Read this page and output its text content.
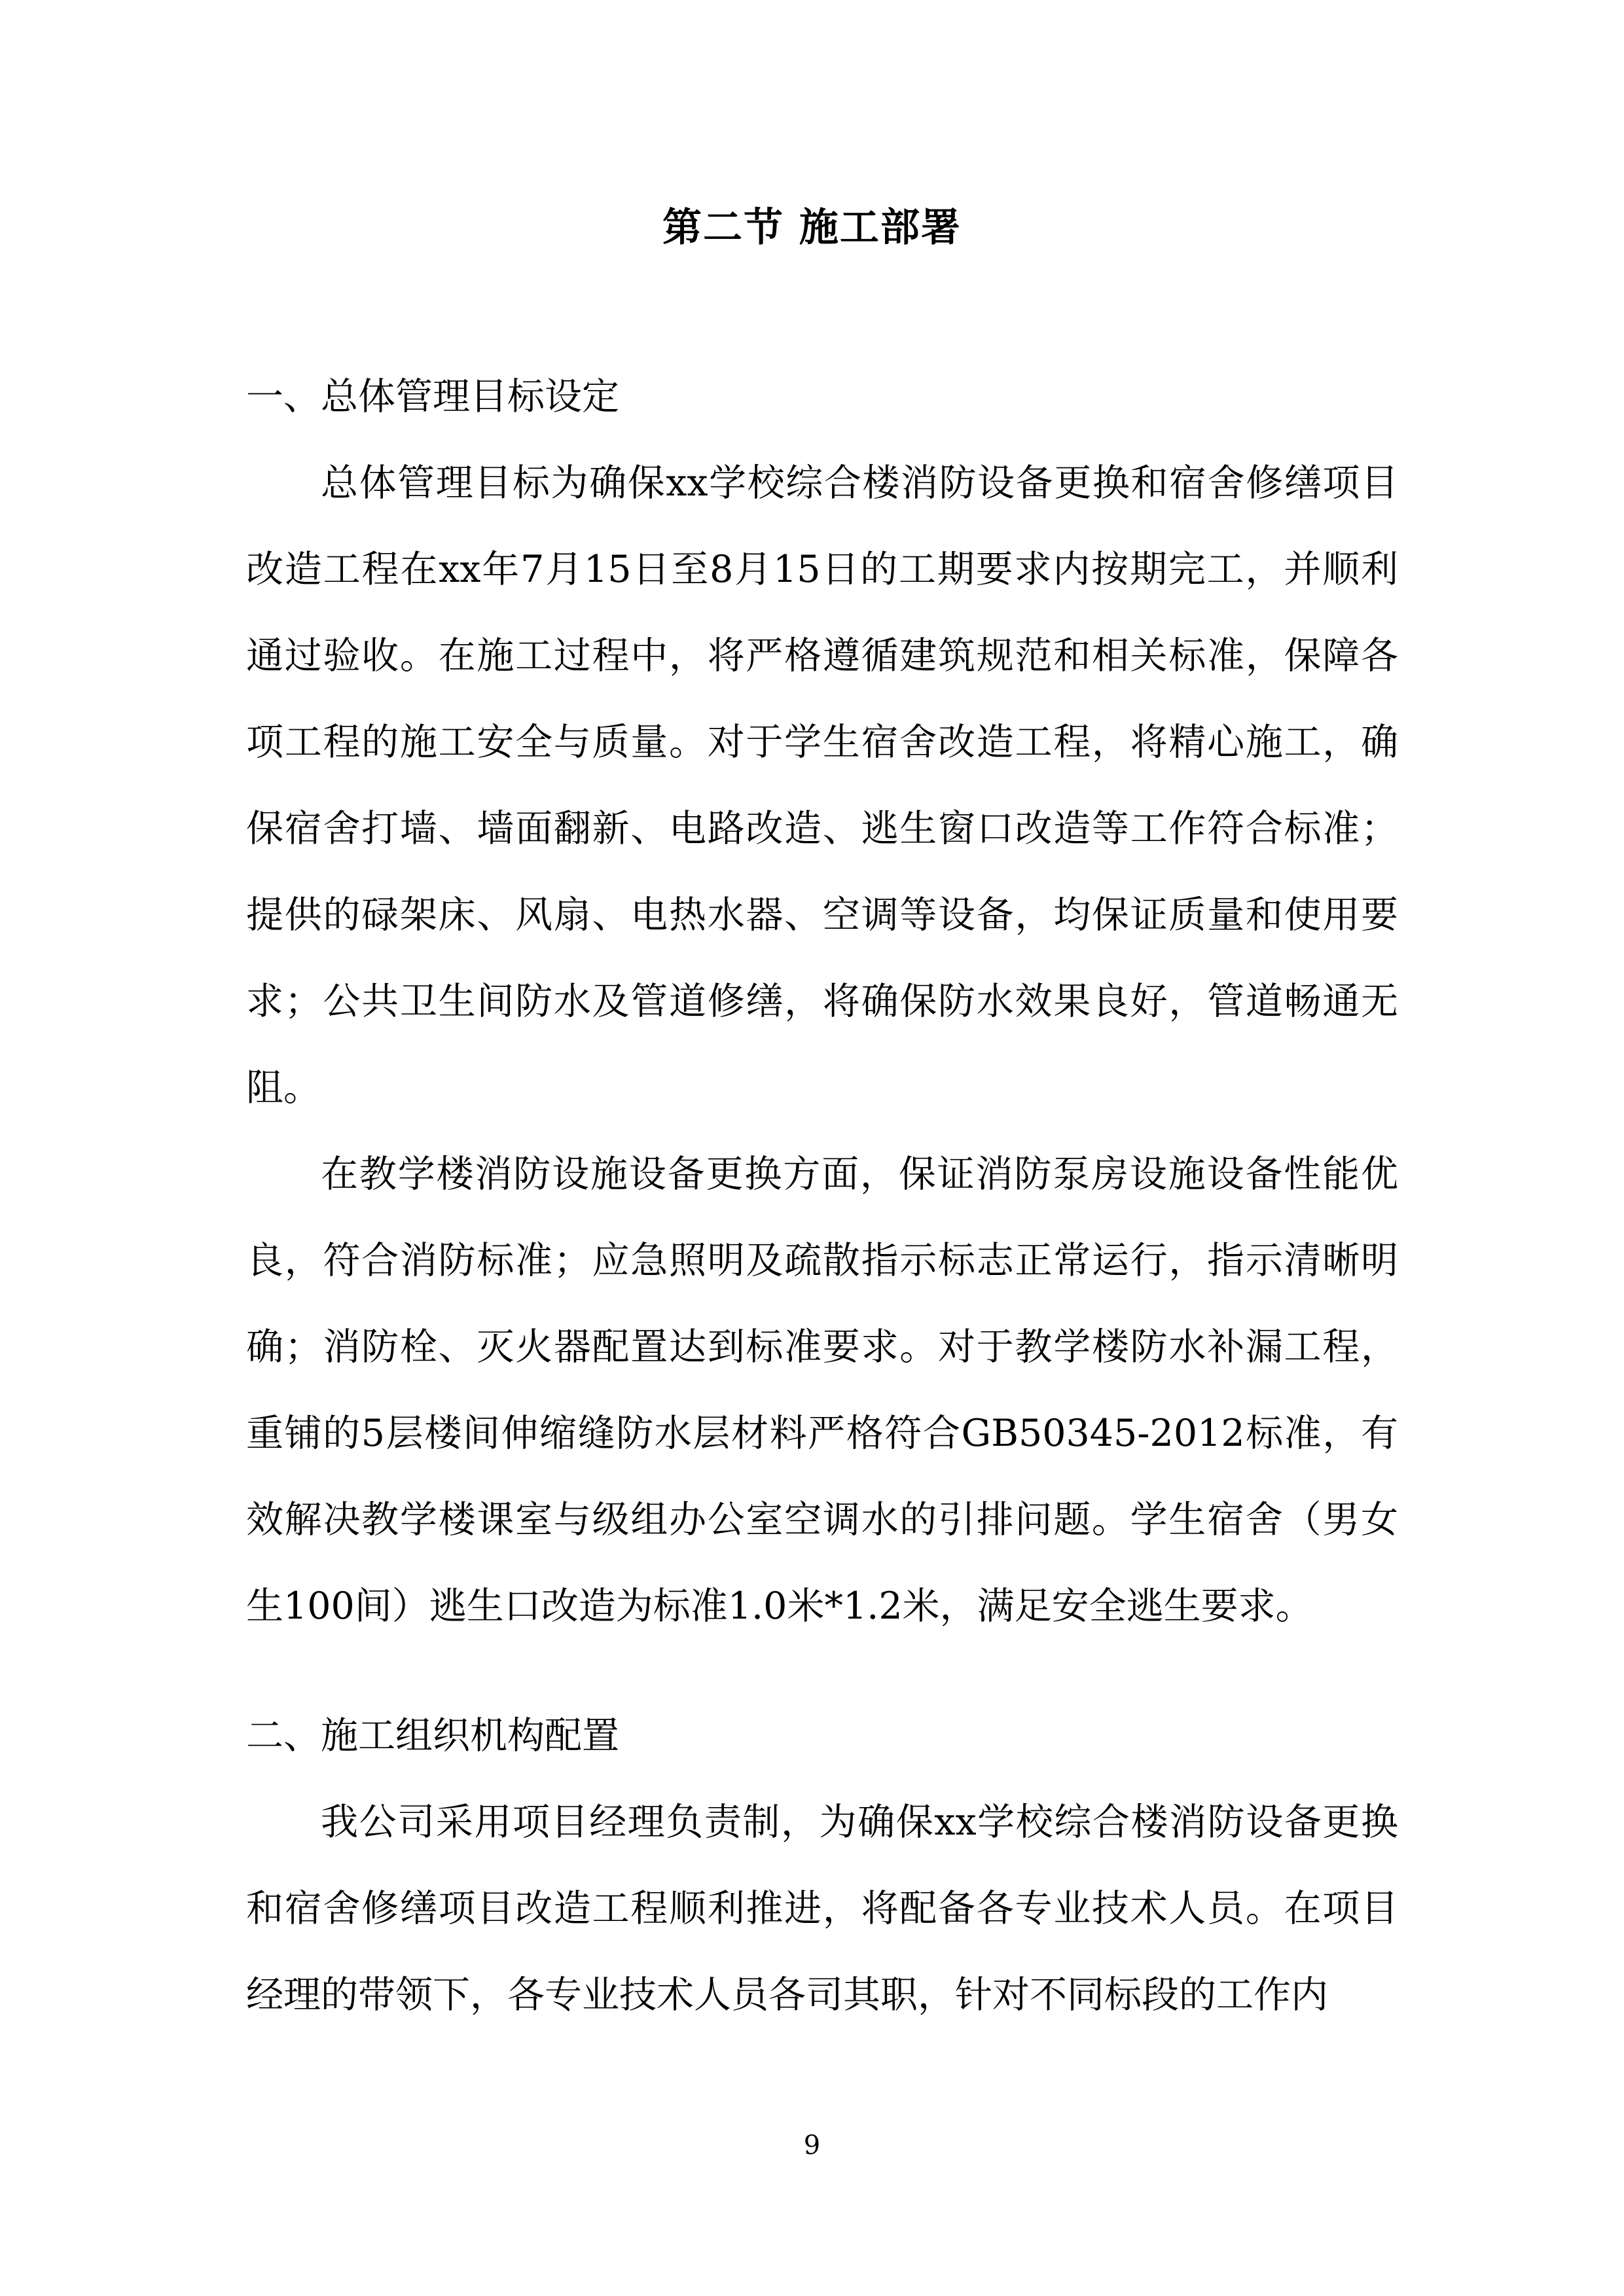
第二节 施工部署

一、总体管理目标设定

总体管理目标为确保xx学校综合楼消防设备更换和宿舍修缮项目改造工程在xx年7月15日至8月15日的工期要求内按期完工，并顺利通过验收。在施工过程中，将严格遵循建筑规范和相关标准，保障各项工程的施工安全与质量。对于学生宿舍改造工程，将精心施工，确保宿舍打墙、墙面翻新、电路改造、逃生窗口改造等工作符合标准；提供的碌架床、风扇、电热水器、空调等设备，均保证质量和使用要求；公共卫生间防水及管道修缮，将确保防水效果良好，管道畅通无阻。

在教学楼消防设施设备更换方面，保证消防泵房设施设备性能优良，符合消防标准；应急照明及疏散指示标志正常运行，指示清晰明确；消防栓、灭火器配置达到标准要求。对于教学楼防水补漏工程，重铺的5层楼间伸缩缝防水层材料严格符合GB50345-2012标准，有效解决教学楼课室与级组办公室空调水的引排问题。学生宿舍（男女生100间）逃生口改造为标准1.0米*1.2米，满足安全逃生要求。

二、施工组织机构配置

我公司采用项目经理负责制，为确保xx学校综合楼消防设备更换和宿舍修缮项目改造工程顺利推进，将配备各专业技术人员。在项目经理的带领下，各专业技术人员各司其职，针对不同标段的工作内

9
